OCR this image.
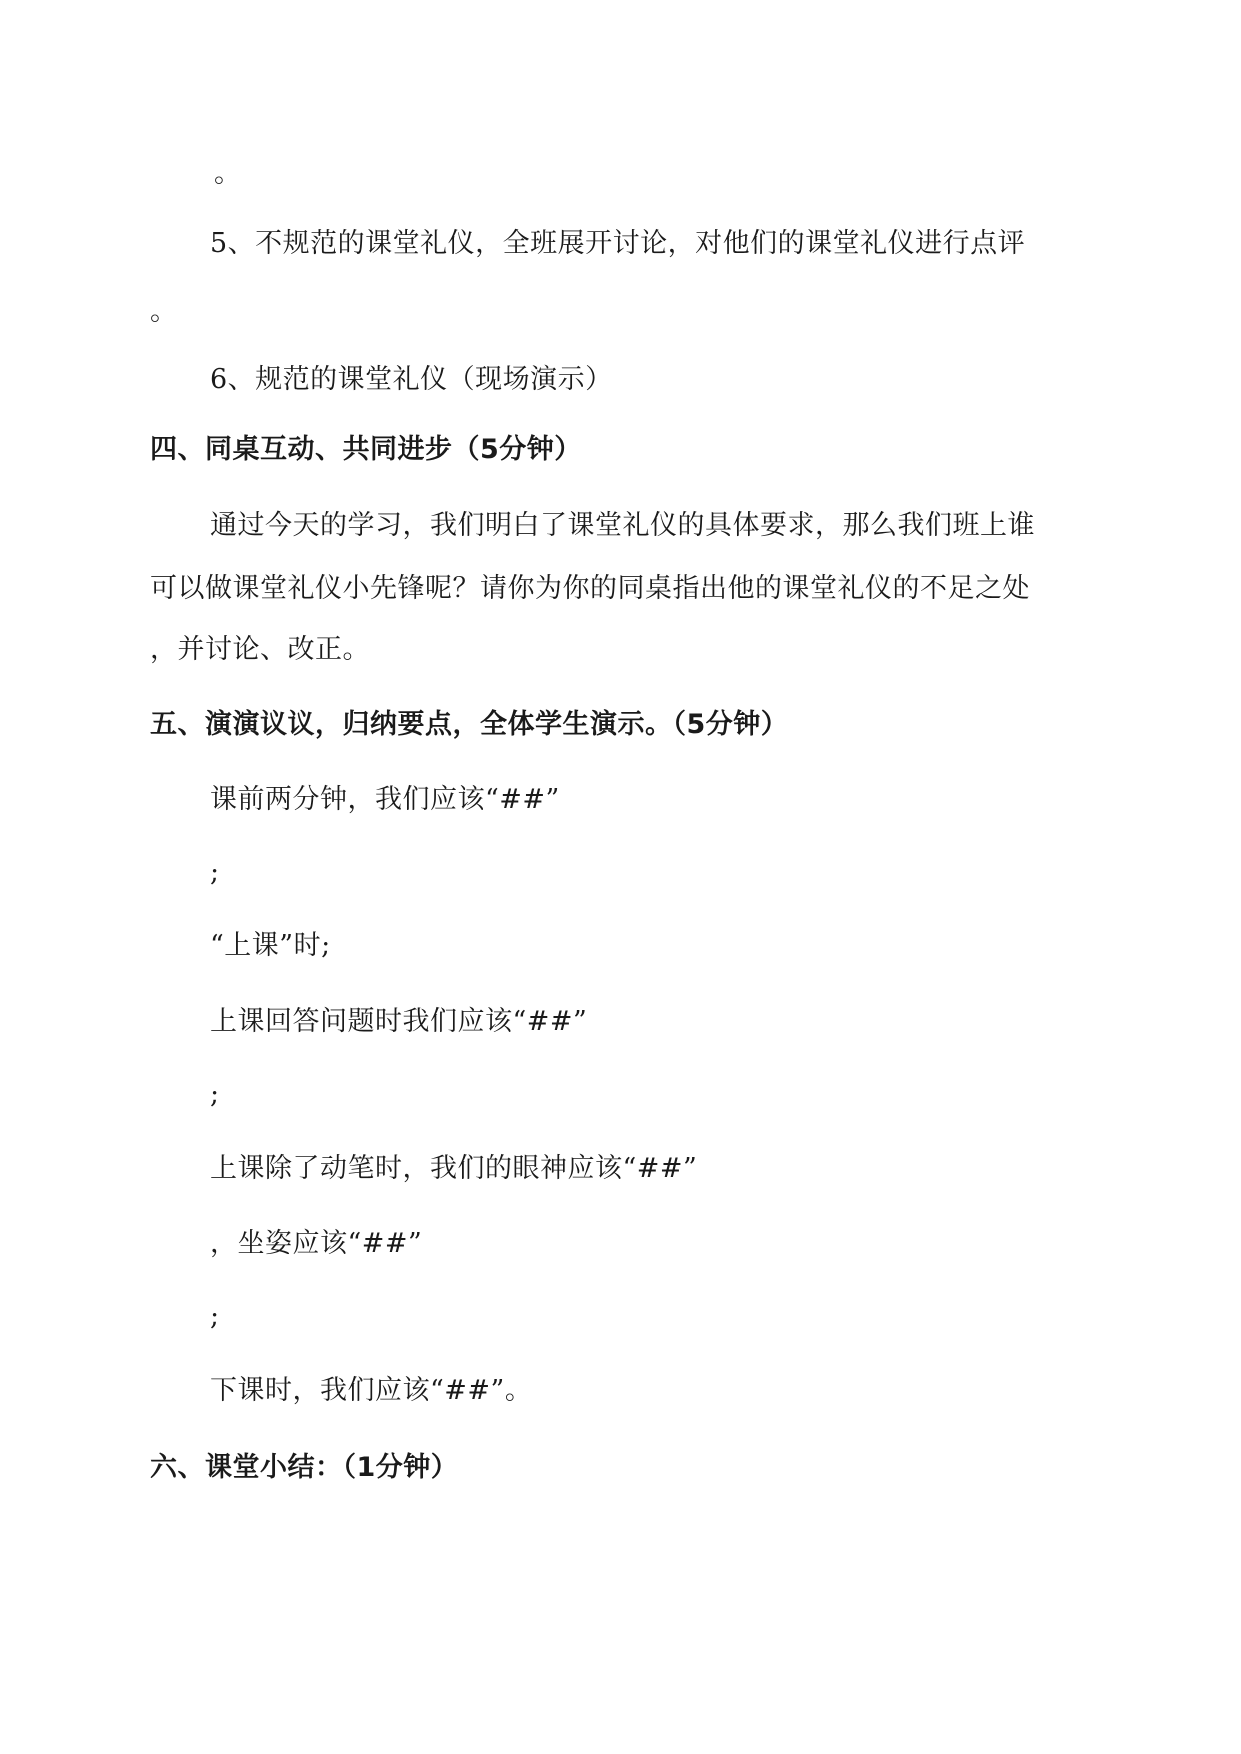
。
5、不规范的课堂礼仪，全班展开讨论，对他们的课堂礼仪进行点评
。
6、规范的课堂礼仪（现场演示）
四、同桌互动、共同进步（5分钟）
通过今天的学习，我们明白了课堂礼仪的具体要求，那么我们班上谁
可以做课堂礼仪小先锋呢？请你为你的同桌指出他的课堂礼仪的不足之处
，并讨论、改正。
五、演演议议，归纳要点，全体学生演示。（5分钟）
课前两分钟，我们应该“##”
;
“上课”时;
上课回答问题时我们应该“##”
;
上课除了动笔时，我们的眼神应该“##”
，坐姿应该“##”
;
下课时，我们应该“##”。
六、课堂小结：（1分钟）
